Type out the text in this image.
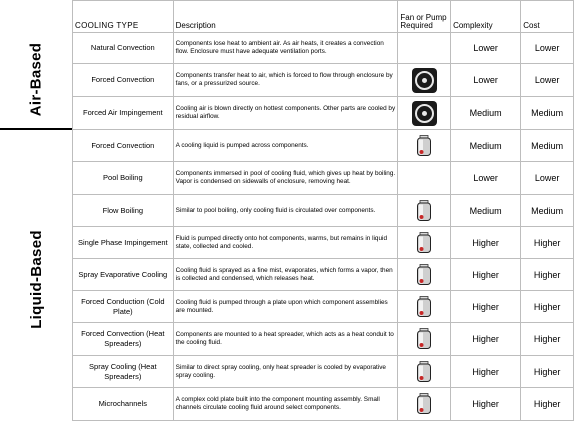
Air-Based
Liquid-Based
COOLING TYPE	Description	Fan or Pump Required	Complexity	Cost
Natural Convection	Components lose heat to ambient air. As air heats, it creates a convection flow. Enclosure must have adequate ventilation ports.		Lower	Lower
Forced Convection	Components transfer heat to air, which is forced to flow through enclosure by fans, or a pressurized source.		Lower	Lower
Forced Air Impingement	Cooling air is blown directly on hottest components. Other parts are cooled by residual airflow.		Medium	Medium
Forced Convection	A cooling liquid is pumped across components.		Medium	Medium
Pool Boiling	Components immersed in pool of cooling fluid, which gives up heat by boiling. Vapor is condensed on sidewalls of enclosure, removing heat.		Lower	Lower
Flow Boiling	Similar to pool boiling, only cooling fluid is circulated over components.		Medium	Medium
Single Phase Impingement	Fluid is pumped directly onto hot components, warms, but remains in liquid state, collected and cooled.		Higher	Higher
Spray Evaporative Cooling	Cooling fluid is sprayed as a fine mist, evaporates, which forms a vapor, then is collected and condensed, which releases heat.		Higher	Higher
Forced Conduction (Cold Plate)	Cooling fluid is pumped through a plate upon which component assemblies are mounted.		Higher	Higher
Forced Convection (Heat Spreaders)	Components are mounted to a heat spreader, which acts as a heat conduit to the cooling fluid.		Higher	Higher
Spray Cooling (Heat Spreaders)	Similar to direct spray cooling, only heat spreader is cooled by evaporative spray cooling.		Higher	Higher
Microchannels	A complex cold plate built into the component mounting assembly. Small channels circulate cooling fluid around select components.		Higher	Higher
